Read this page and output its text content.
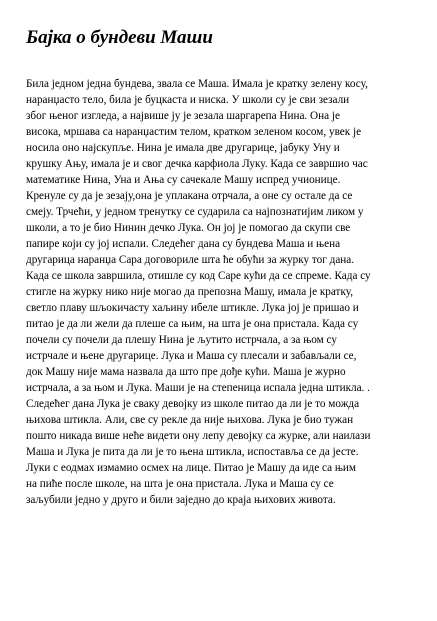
Бајка о бундеви Маши
Била једном једна бундева, звала се Маша. Имала је кратку зелену косу,
наранџасто тело, била је буцкаста и ниска. У школи су је сви зезали
због њеног изгледа, а највише ју је зезала шаргарепа Нина. Она је
висока, мршава са наранџастим телом, кратком зеленом косом, увек је
носила оно најскупље. Нина је имала две другарице, јабуку Уну и
крушку Ању, имала је и свог дечка карфиола Луку. Када се завршио час
математике Нина, Уна и Ања су сачекале Машу испред учионице.
Кренуле су да је зезају,она је уплакана отрчала, а оне су остале да се
смеју. Трчећи, у једном тренутку се сударила са најпознатијим ликом у
школи, а то је био Нинин дечко Лука. Он јој је помогао да скупи све
папире који су јој испали. Следећег дана су бундева Маша и њена
другарица наранџа Сара договориле шта ће обући за журку тог дана.
Када се школа завршила, отишле су код Саре кући да се спреме. Када су
стигле на журку нико није могао да препозна Машу, имала је кратку,
светло плаву шљокичасту хаљину ибеле штикле. Лука јој је пришао и
питао је да ли жели да плеше са њим, на шта је она пристала. Када су
почели су почели да плешу Нина је љутито истрчала, а за њом су
истрчале и њене другарице. Лука и Маша су плесали и забављали се,
док Машу није мама назвала да што пре дође кући. Маша је журно
истрчала, а за њом и Лука. Маши је на степеница испала једна штикла. .
Следећег дана Лука је сваку девојку из школе питао да ли је то можда
њихова штикла. Али, све су рекле да није њихова. Лука је био тужан
пошто никада више неће видети ону лепу девојку са журке, али наилази
Маша и Лука је пита да ли је то њена штикла, испоставља се да јесте.
Луки с еодмах измамио осмех на лице. Питао је Машу да иде са њим
на пиће после школе, на шта је она пристала. Лука и Маша су се
заљубили једно у друго и били заједно до краја њихових живота.
